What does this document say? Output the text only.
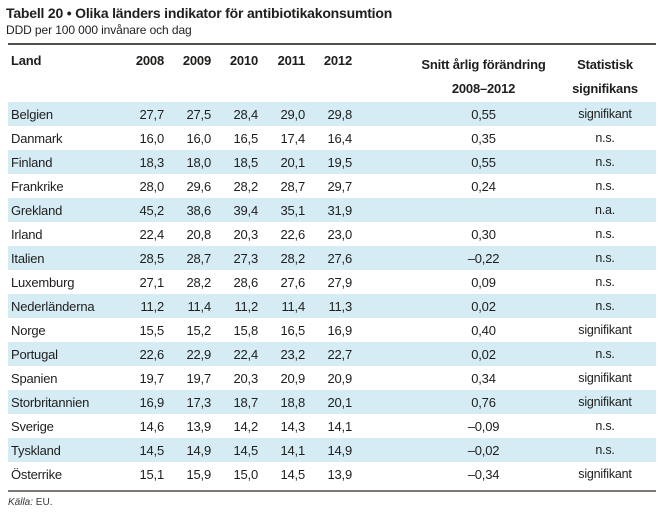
Tabell 20 • Olika länders indikator för antibiotikakonsumtion
DDD per 100 000 invånare och dag
Land	2008	2009	2010	2011	2012	Snitt årlig förändring
2008–2012

Statistisk
signifikans

Belgien	27,7	27,5	28,4	29,0	29,8	0,55	signifikant
Danmark	16,0	16,0	16,5	17,4	16,4	0,35	n.s.
Finland	18,3	18,0	18,5	20,1	19,5	0,55	n.s.
Frankrike	28,0	29,6	28,2	28,7	29,7	0,24	n.s.
Grekland	45,2	38,6	39,4	35,1	31,9		n.a.
Irland	22,4	20,8	20,3	22,6	23,0	0,30	n.s.
Italien	28,5	28,7	27,3	28,2	27,6	–0,22	n.s.
Luxemburg	27,1	28,2	28,6	27,6	27,9	0,09	n.s.
Nederländerna	11,2	11,4	11,2	11,4	11,3	0,02	n.s.
Norge	15,5	15,2	15,8	16,5	16,9	0,40	signifikant
Portugal	22,6	22,9	22,4	23,2	22,7	0,02	n.s.
Spanien	19,7	19,7	20,3	20,9	20,9	0,34	signifikant
Storbritannien	16,9	17,3	18,7	18,8	20,1	0,76	signifikant
Sverige	14,6	13,9	14,2	14,3	14,1	–0,09	n.s.
Tyskland	14,5	14,9	14,5	14,1	14,9	–0,02	n.s.
Österrike	15,1	15,9	15,0	14,5	13,9	–0,34	signifikant
Källa: EU.
